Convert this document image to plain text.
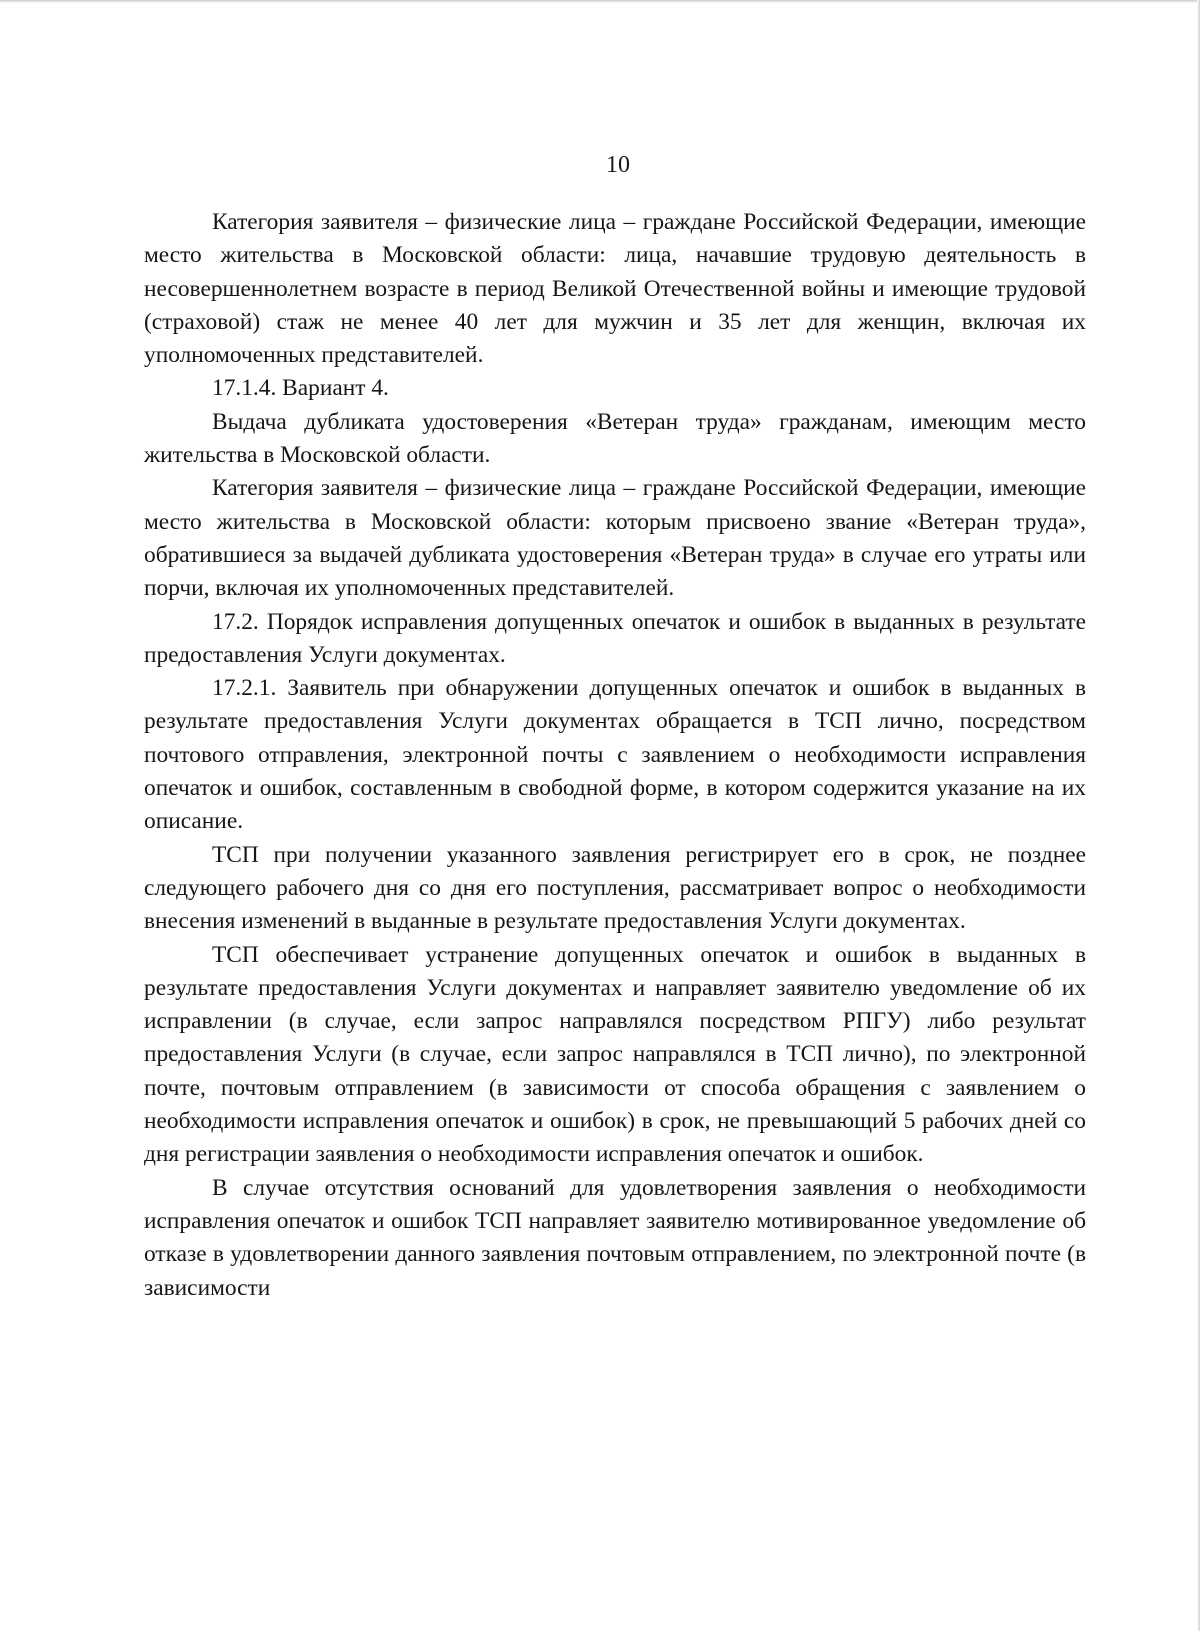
10

Категория заявителя – физические лица – граждане Российской Федерации, имеющие место жительства в Московской области: лица, начавшие трудовую деятельность в несовершеннолетнем возрасте в период Великой Отечественной войны и имеющие трудовой (страховой) стаж не менее 40 лет для мужчин и 35 лет для женщин, включая их уполномоченных представителей.

17.1.4. Вариант 4.

Выдача дубликата удостоверения «Ветеран труда» гражданам, имеющим место жительства в Московской области.

Категория заявителя – физические лица – граждане Российской Федерации, имеющие место жительства в Московской области: которым присвоено звание «Ветеран труда», обратившиеся за выдачей дубликата удостоверения «Ветеран труда» в случае его утраты или порчи, включая их уполномоченных представителей.

17.2. Порядок исправления допущенных опечаток и ошибок в выданных в результате предоставления Услуги документах.

17.2.1. Заявитель при обнаружении допущенных опечаток и ошибок в выданных в результате предоставления Услуги документах обращается в ТСП лично, посредством почтового отправления, электронной почты с заявлением о необходимости исправления опечаток и ошибок, составленным в свободной форме, в котором содержится указание на их описание.

ТСП при получении указанного заявления регистрирует его в срок, не позднее следующего рабочего дня со дня его поступления, рассматривает вопрос о необходимости внесения изменений в выданные в результате предоставления Услуги документах.

ТСП обеспечивает устранение допущенных опечаток и ошибок в выданных в результате предоставления Услуги документах и направляет заявителю уведомление об их исправлении (в случае, если запрос направлялся посредством РПГУ) либо результат предоставления Услуги (в случае, если запрос направлялся в ТСП лично), по электронной почте, почтовым отправлением (в зависимости от способа обращения с заявлением о необходимости исправления опечаток и ошибок) в срок, не превышающий 5 рабочих дней со дня регистрации заявления о необходимости исправления опечаток и ошибок.

В случае отсутствия оснований для удовлетворения заявления о необходимости исправления опечаток и ошибок ТСП направляет заявителю мотивированное уведомление об отказе в удовлетворении данного заявления почтовым отправлением, по электронной почте (в зависимости
